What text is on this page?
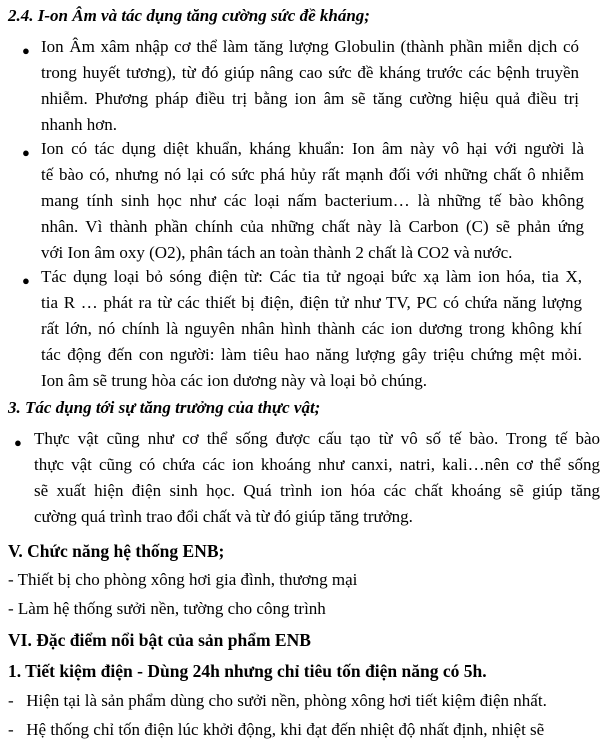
2.4. I-on Âm và tác dụng tăng cường sức đề kháng;
● Ion Âm xâm nhập cơ thể làm tăng lượng Globulin (thành phần miễn dịch có
trong huyết tương), từ đó giúp nâng cao sức đề kháng trước các bệnh truyền
nhiễm. Phương pháp điều trị bằng ion âm sẽ tăng cường hiệu quả điều trị
nhanh hơn.
● Ion có tác dụng diệt khuẩn, kháng khuẩn: Ion âm này vô hại với người là
tế bào có, nhưng nó lại có sức phá hủy rất mạnh đối với những chất ô nhiễm
mang tính sinh học như các loại nấm bacterium… là những tế bào không
nhân. Vì thành phần chính của những chất này là Carbon (C) sẽ phản ứng
với Ion âm oxy (O2), phân tách an toàn thành 2 chất là CO2 và nước.
● Tác dụng loại bỏ sóng điện từ: Các tia tử ngoại bức xạ làm ion hóa, tia X,
tia R … phát ra từ các thiết bị điện, điện tử như TV, PC có chứa năng lượng
rất lớn, nó chính là nguyên nhân hình thành các ion dương trong không khí
tác động đến con người: làm tiêu hao năng lượng gây triệu chứng mệt mỏi.
Ion âm sẽ trung hòa các ion dương này và loại bỏ chúng.
3. Tác dụng tới sự tăng trưởng của thực vật;
● Thực vật cũng như cơ thể sống được cấu tạo từ vô số tế bào. Trong tế bào
thực vật cũng có chứa các ion khoáng như canxi, natri, kali…nên cơ thể sống
sẽ xuất hiện điện sinh học. Quá trình ion hóa các chất khoáng sẽ giúp tăng
cường quá trình trao đổi chất và từ đó giúp tăng trưởng.
V. Chức năng hệ thống ENB;
- Thiết bị cho phòng xông hơi gia đình, thương mại
- Làm hệ thống sưởi nền, tường cho công trình
VI. Đặc điểm nổi bật của sản phẩm ENB
1. Tiết kiệm điện - Dùng 24h nhưng chỉ tiêu tốn điện năng có 5h.
- Hiện tại là sản phẩm dùng cho sưởi nền, phòng xông hơi tiết kiệm điện nhất.
- Hệ thống chỉ tốn điện lúc khởi động, khi đạt đến nhiệt độ nhất định, nhiệt sẽ
